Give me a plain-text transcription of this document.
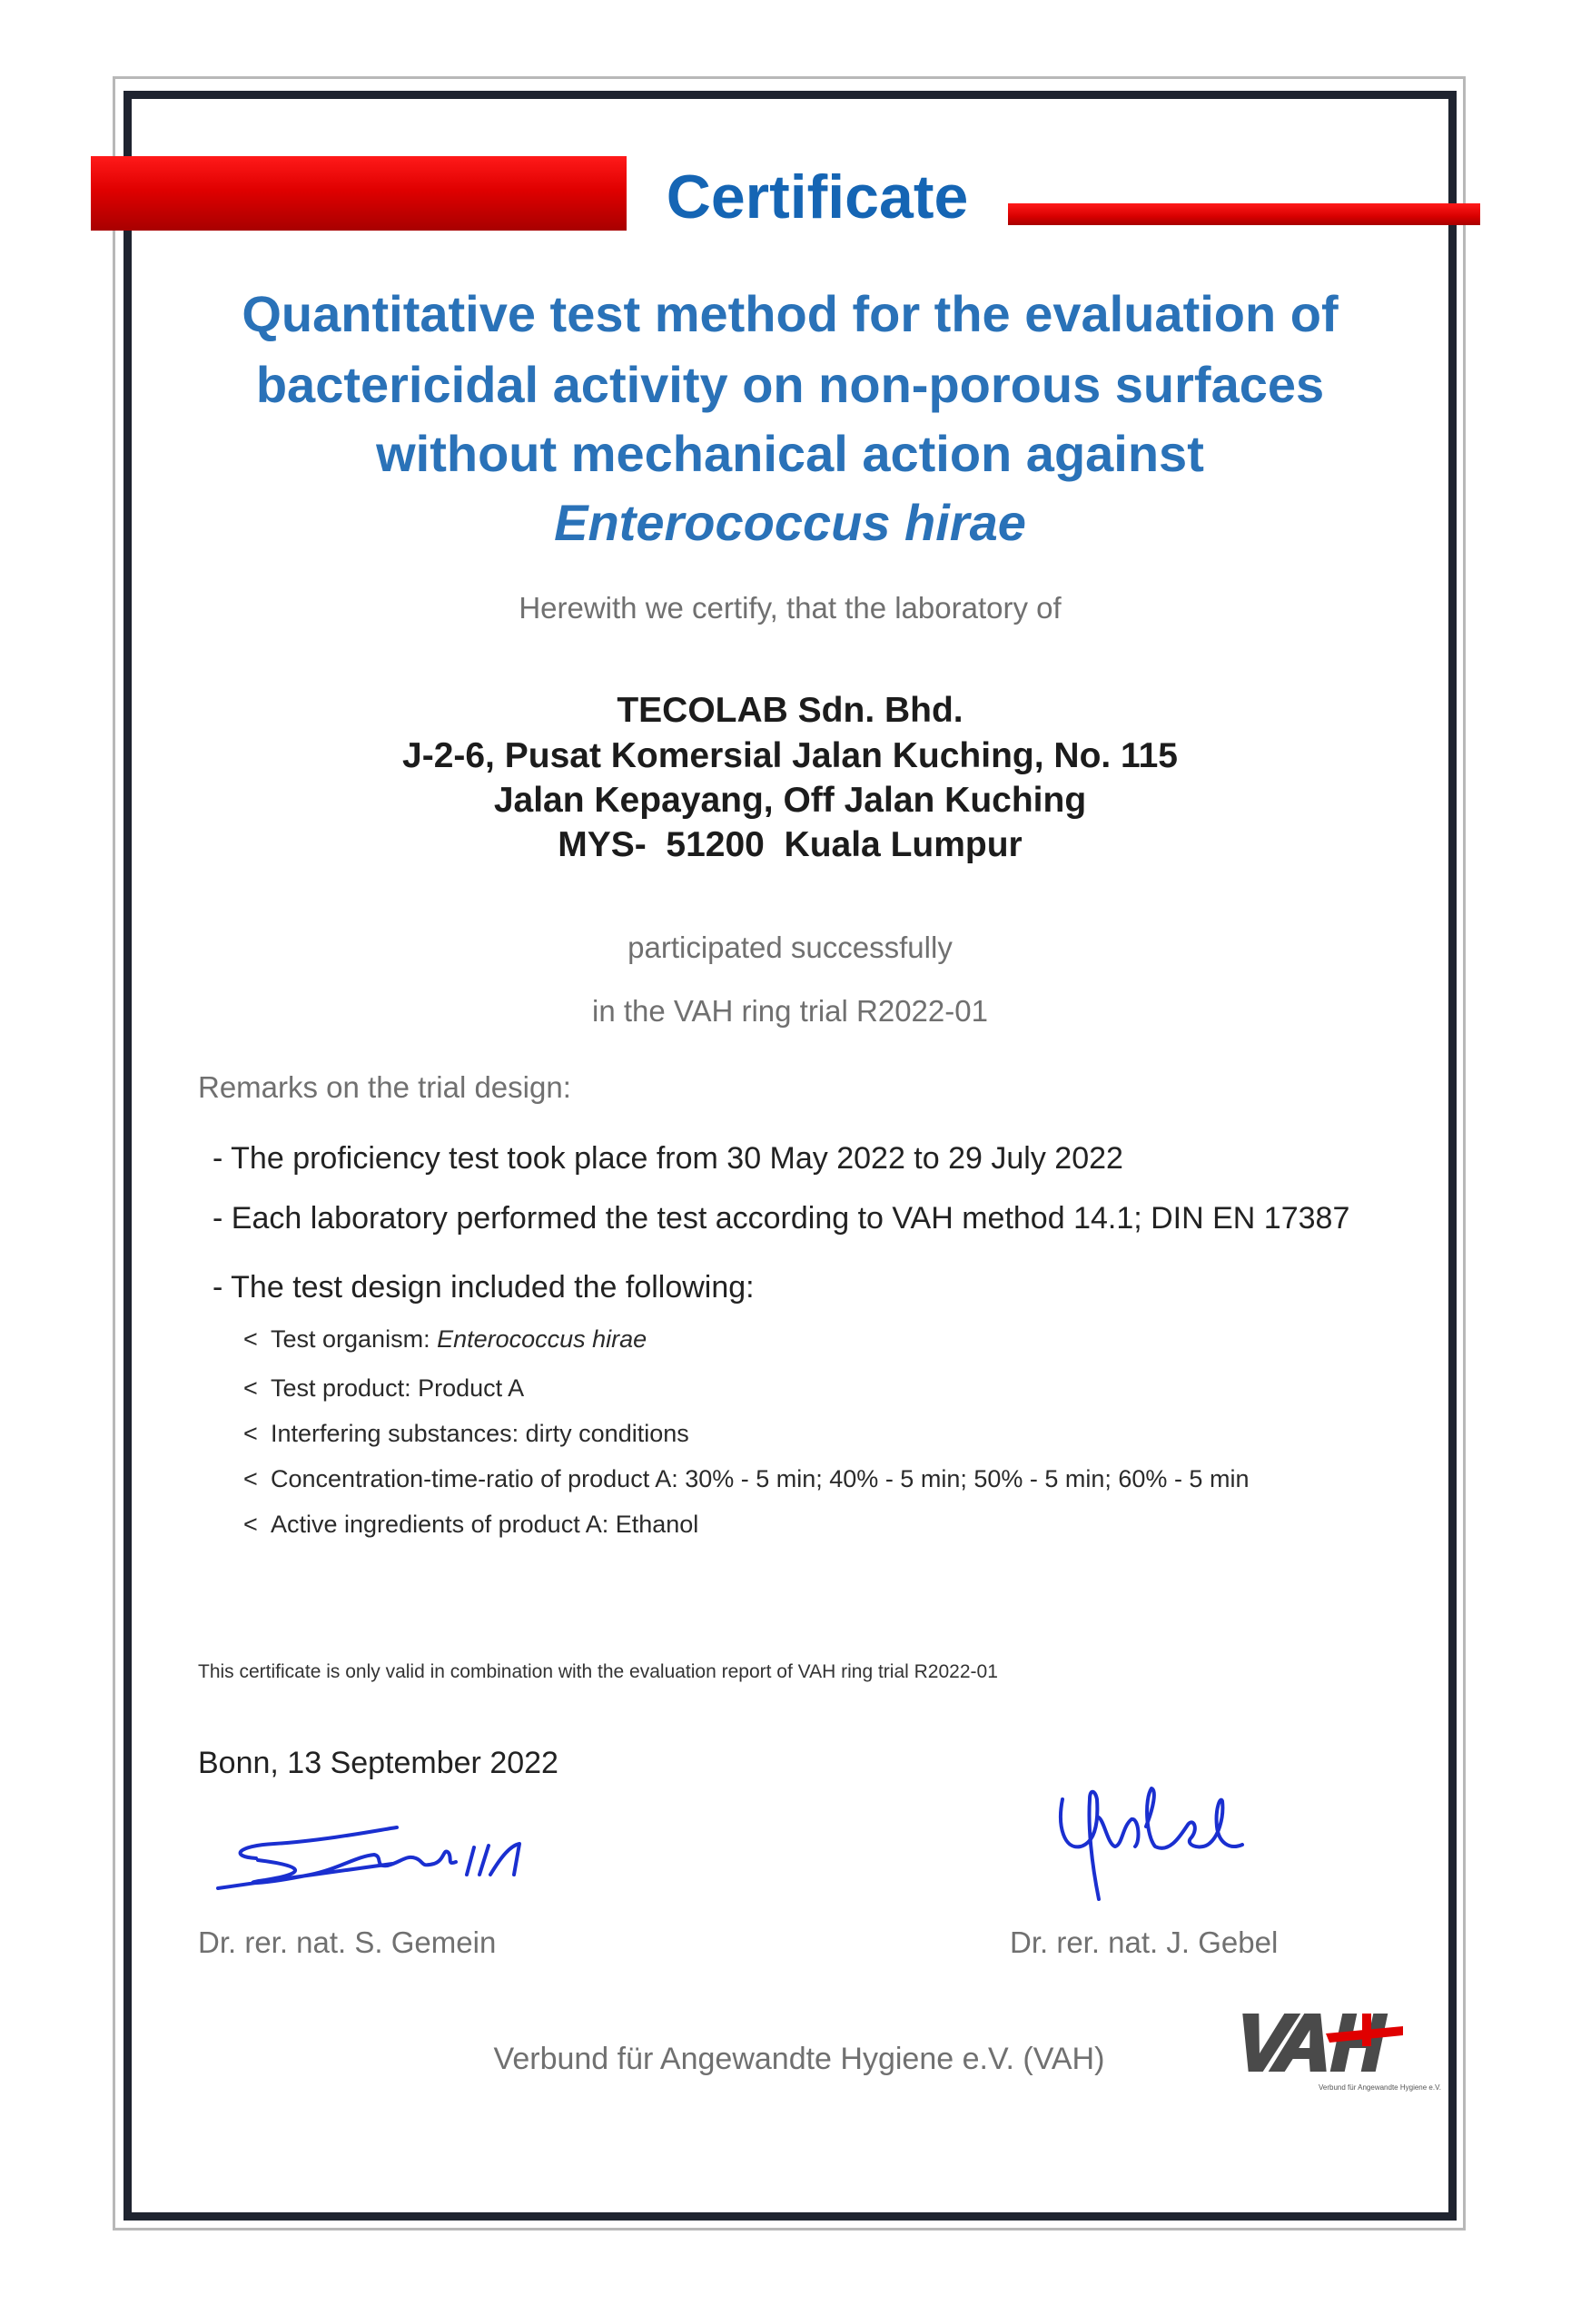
Certificate
Quantitative test method for the evaluation of
bactericidal activity on non-porous surfaces
without mechanical action against
Enterococcus hirae
Herewith we certify, that the laboratory of
TECOLAB Sdn. Bhd.
J-2-6, Pusat Komersial Jalan Kuching, No. 115
Jalan Kepayang, Off Jalan Kuching
MYS-  51200  Kuala Lumpur
participated successfully
in the VAH ring trial R2022-01
Remarks on the trial design:
- The proficiency test took place from 30 May 2022 to 29 July 2022
- Each laboratory performed the test according to VAH method 14.1; DIN EN 17387
- The test design included the following:
< Test organism: Enterococcus hirae
< Test product: Product A
< Interfering substances: dirty conditions
< Concentration-time-ratio of product A: 30% - 5 min; 40% - 5 min; 50% - 5 min; 60% - 5 min
< Active ingredients of product A: Ethanol
This certificate is only valid in combination with the evaluation report of VAH ring trial R2022-01
Bonn, 13 September 2022
Dr. rer. nat. S. Gemein	Dr. rer. nat. J. Gebel
Verbund für Angewandte Hygiene e.V. (VAH)
Verbund für Angewandte Hygiene e.V.
